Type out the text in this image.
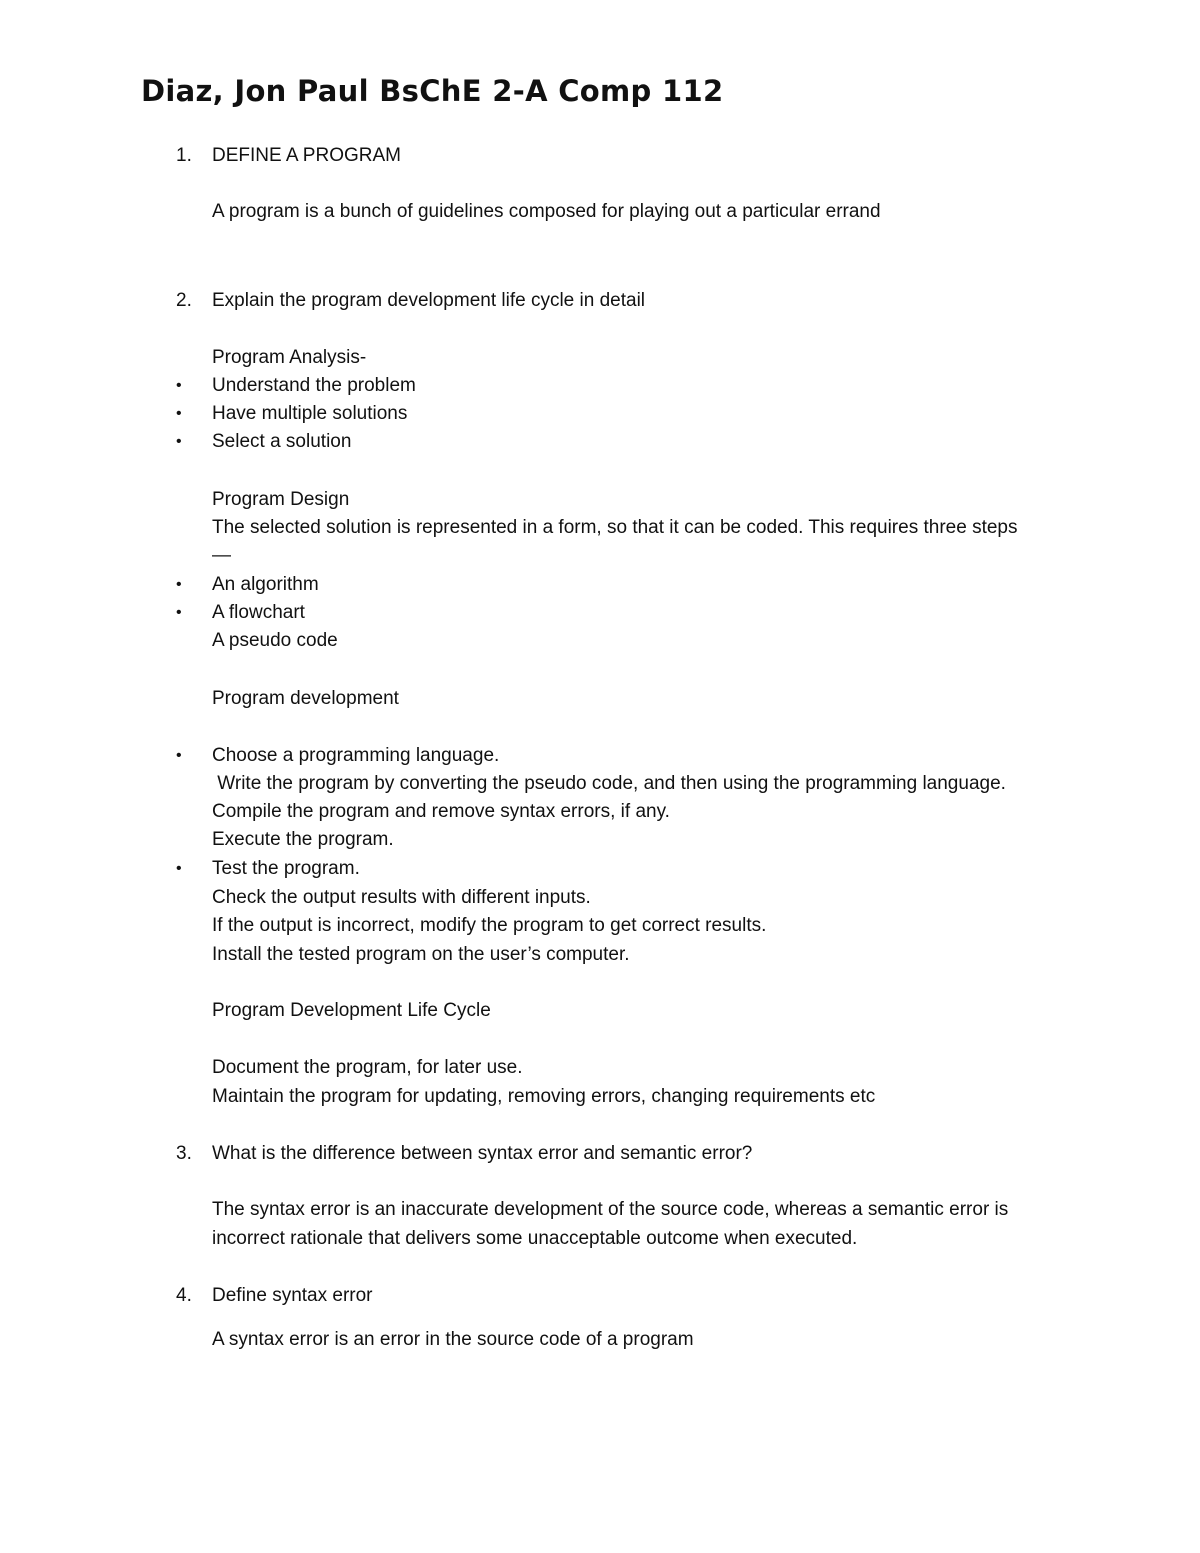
Diaz, Jon Paul BsChE 2-A Comp 112
1. DEFINE A PROGRAM
A program is a bunch of guidelines composed for playing out a particular errand
2. Explain the program development life cycle in detail
Program Analysis-
• Understand the problem
• Have multiple solutions
• Select a solution
Program Design
The selected solution is represented in a form, so that it can be coded. This requires three steps
—
• An algorithm
• A flowchart
A pseudo code
Program development
• Choose a programming language.
Write the program by converting the pseudo code, and then using the programming language.
Compile the program and remove syntax errors, if any.
Execute the program.
• Test the program.
Check the output results with different inputs.
If the output is incorrect, modify the program to get correct results.
Install the tested program on the user’s computer.
Program Development Life Cycle
Document the program, for later use.
Maintain the program for updating, removing errors, changing requirements etc
3. What is the difference between syntax error and semantic error?
The syntax error is an inaccurate development of the source code, whereas a semantic error is
incorrect rationale that delivers some unacceptable outcome when executed.
4. Define syntax error
A syntax error is an error in the source code of a program
